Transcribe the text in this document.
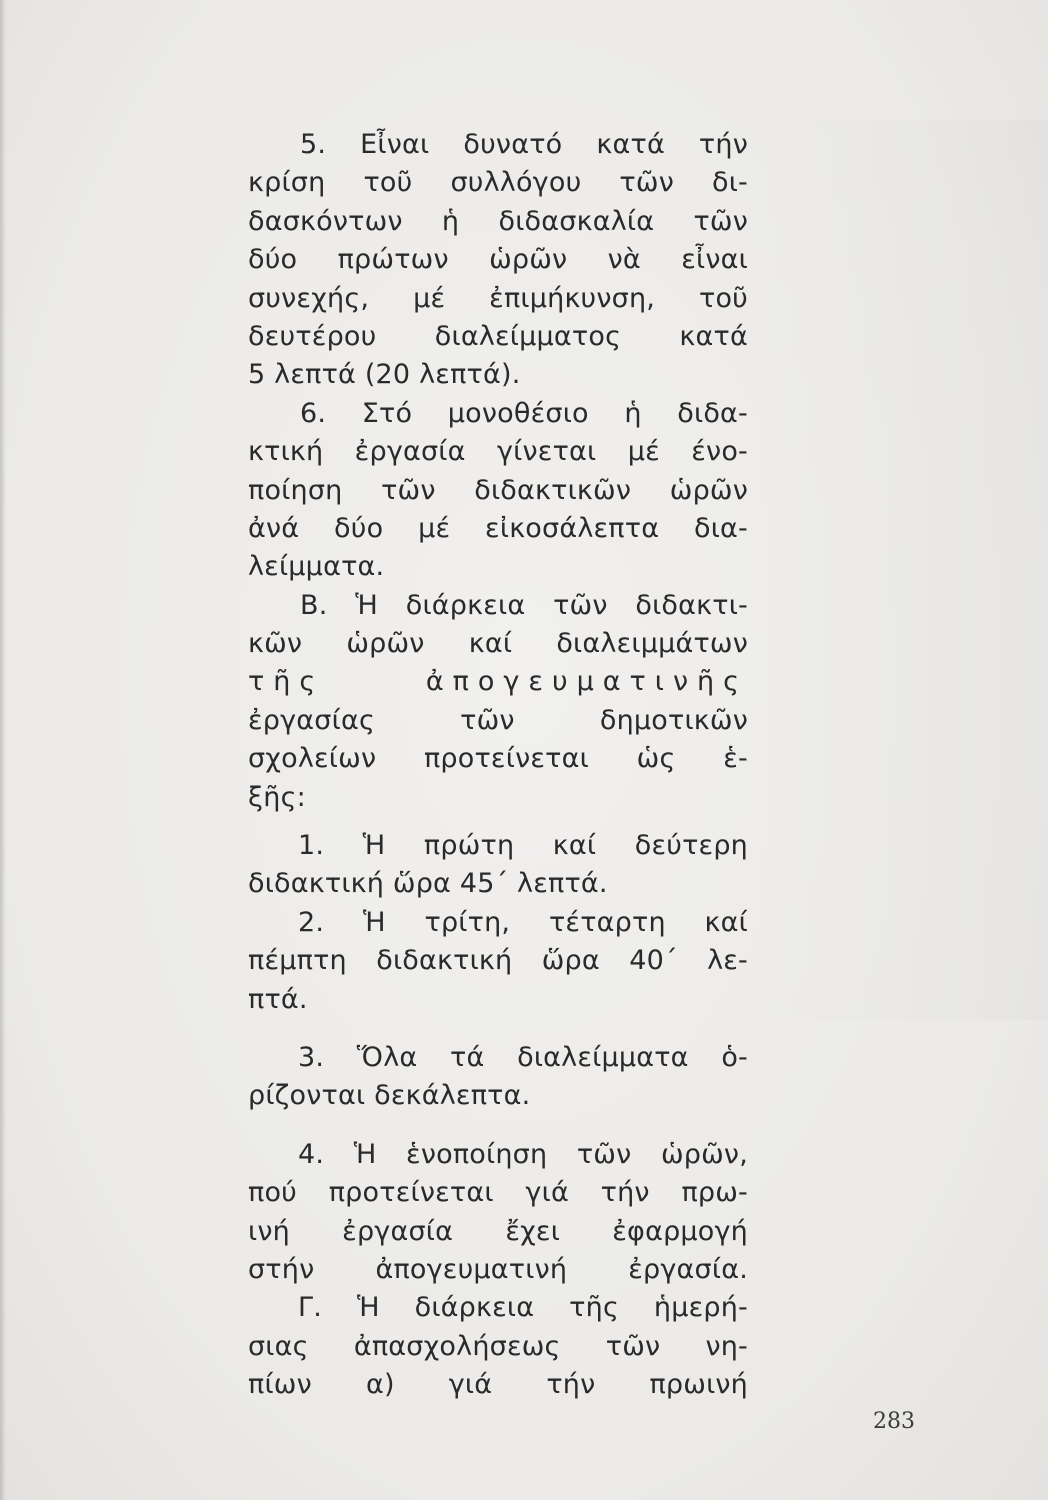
5. Εἶναι δυνατό κατά τήν
κρίση τοῦ συλλόγου τῶν δι-
δασκόντων ἡ διδασκαλία τῶν
δύο πρώτων ὡρῶν νὰ εἶναι
συνεχής, μέ ἐπιμήκυνση, τοῦ
δευτέρου διαλείμματος κατά
5 λεπτά (20 λεπτά).
6. Στό μονοθέσιο ἡ διδα-
κτική ἐργασία γίνεται μέ ένο-
ποίηση τῶν διδακτικῶν ὡρῶν
ἀνά δύο μέ εἰκοσάλεπτα δια-
λείμματα.
Β. Ἡ διάρκεια τῶν διδακτι-
κῶν ὡρῶν καί διαλειμμάτων
τῆς ἀπογευματινῆς
ἐργασίας τῶν δημοτικῶν
σχολείων προτείνεται ὡς ἑ-
ξῆς:
1. Ἡ πρώτη καί δεύτερη
διδακτική ὥρα 45΄ λεπτά.
2. Ἡ τρίτη, τέταρτη καί
πέμπτη διδακτική ὥρα 40΄ λε-
πτά.
3. Ὅλα τά διαλείμματα ὁ-
ρίζονται δεκάλεπτα.
4. Ἡ ἑνοποίηση τῶν ὡρῶν,
πού προτείνεται γιά τήν πρω-
ινή ἐργασία ἔχει ἐφαρμογή
στήν ἀπογευματινή ἐργασία.
Γ. Ἡ διάρκεια τῆς ἡμερή-
σιας ἀπασχολήσεως τῶν νη-
πίων α) γιά τήν πρωινή
283
